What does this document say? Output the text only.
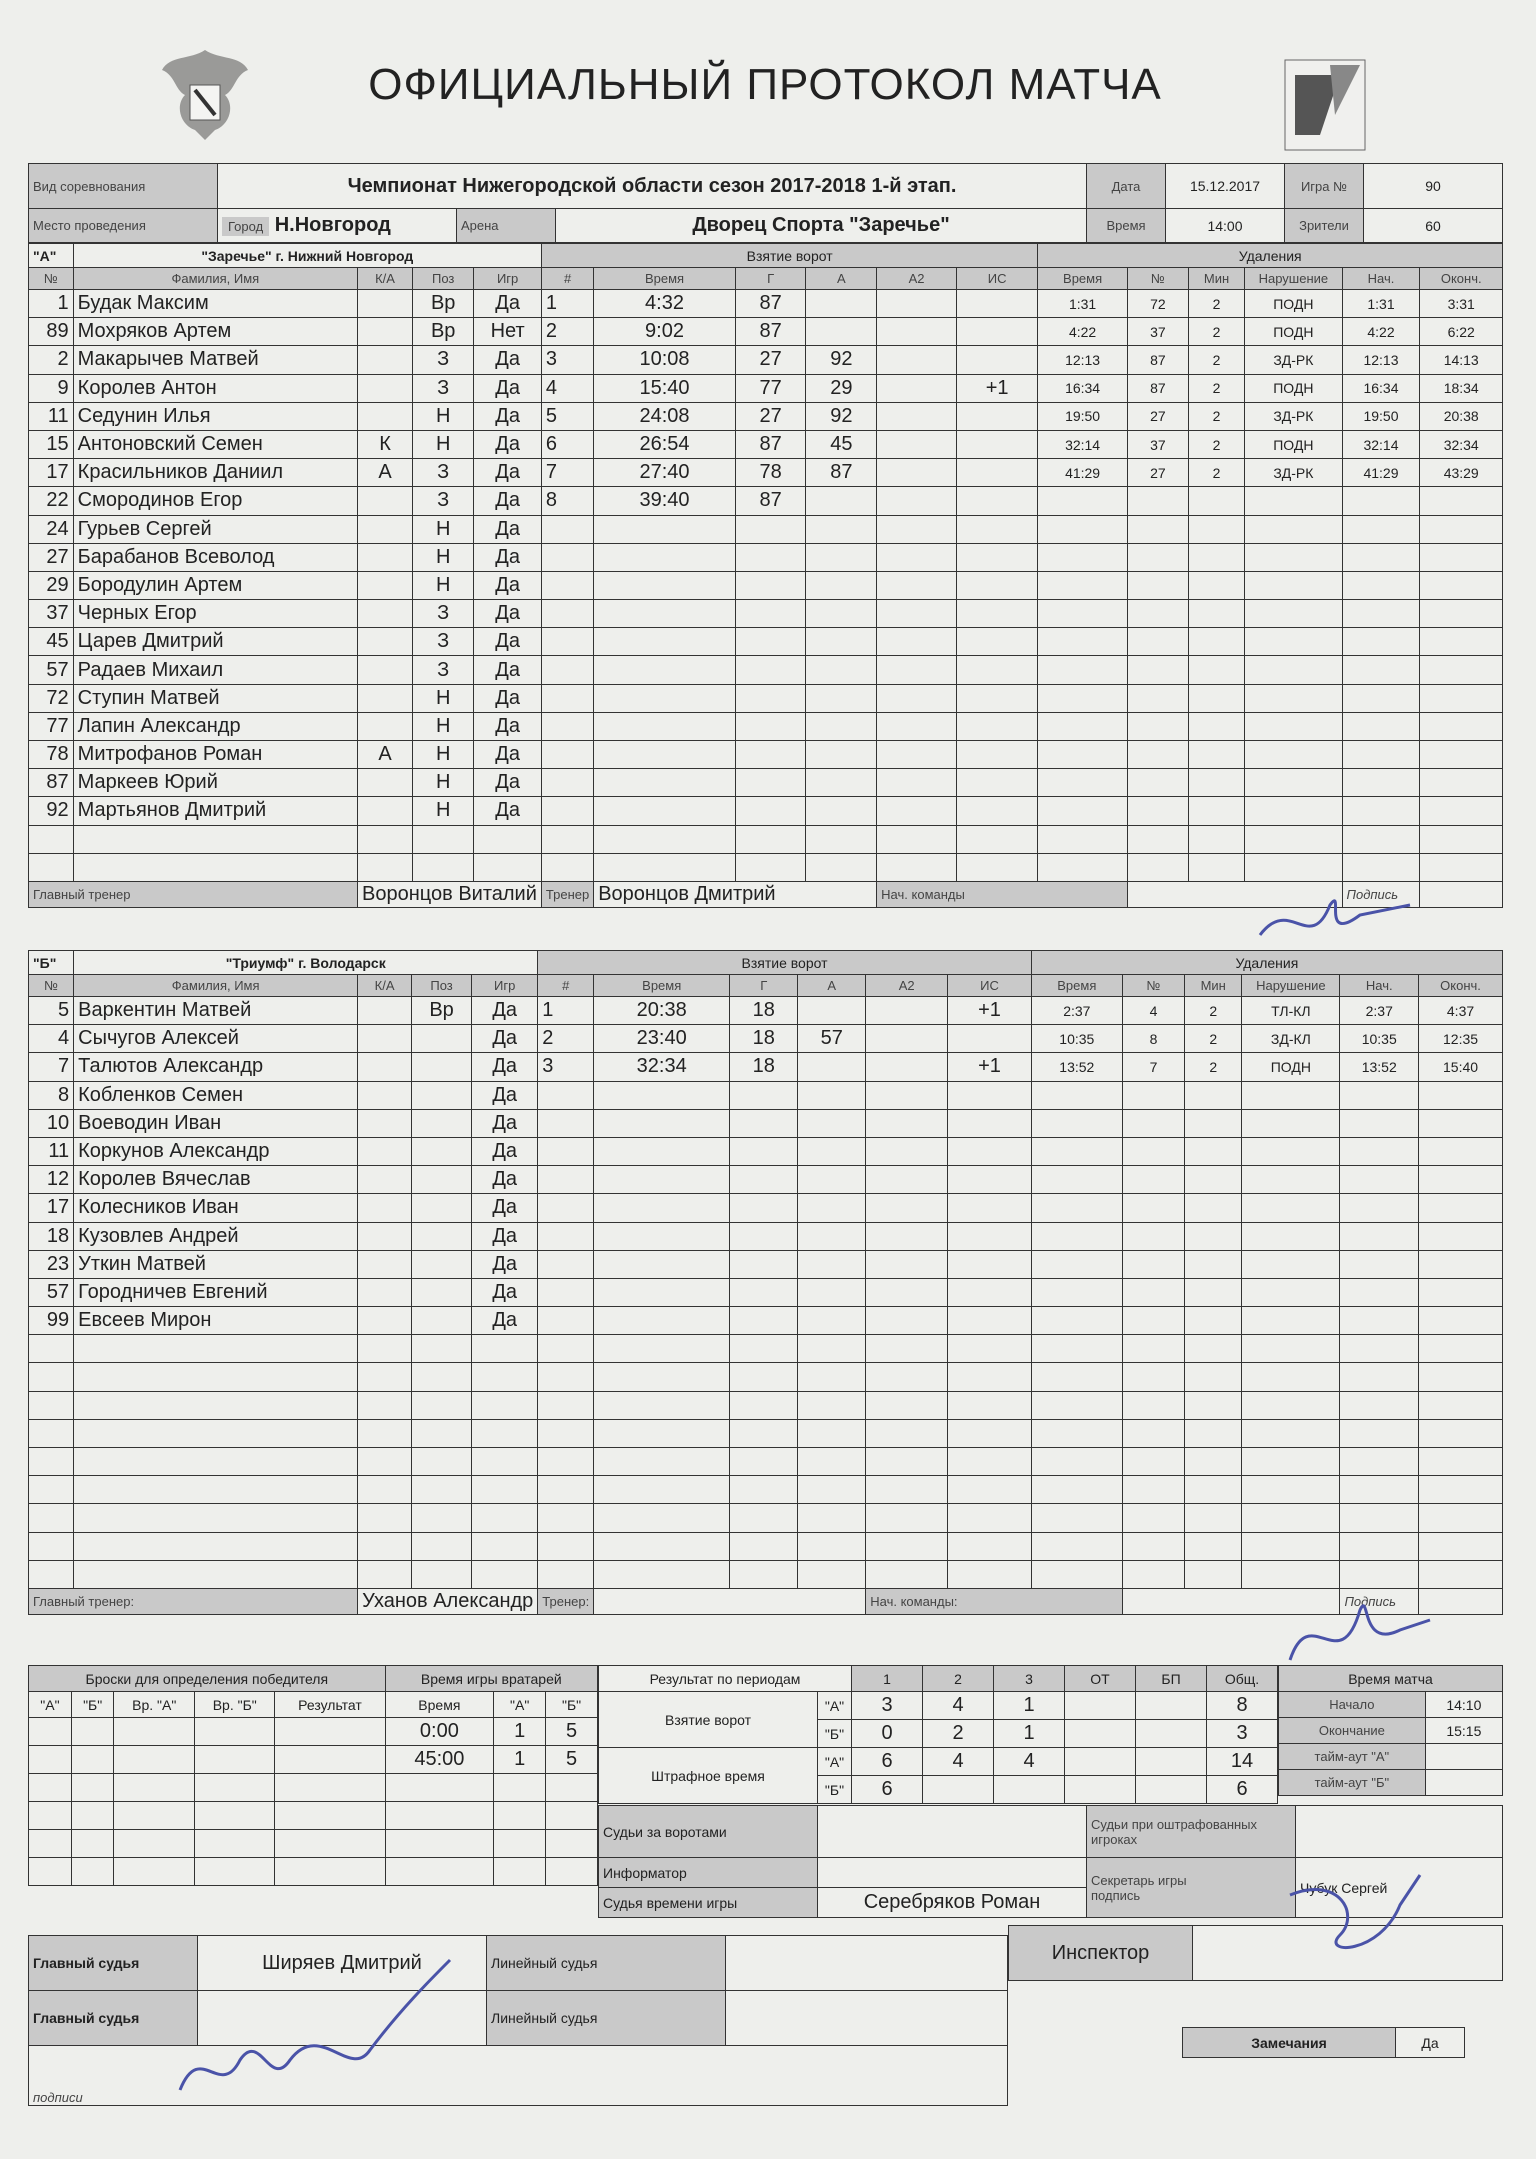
ОФИЦИАЛЬНЫЙ ПРОТОКОЛ МАТЧА
Вид соревнования	Чемпионат Нижегородской области сезон 2017-2018 1-й этап.			Дата	15.12.2017	Игра №	90
Место проведения	Город Н.Новгород	Арена	Дворец Спорта "Заречье"	Время	14:00	Зрители	60
"А"	"Заречье" г. Нижний Новгород				Взятие ворот						Удаления					
№	Фамилия, Имя	К/А	Поз	Игр	#	Время	Г	А	А2	ИС	Время	№	Мин	Нарушение	Нач.	Оконч.
1	Будак Максим		Вр	Да	1	4:32	87				1:31	72	2	ПОДН	1:31	3:31
89	Мохряков Артем		Вр	Нет	2	9:02	87				4:22	37	2	ПОДН	4:22	6:22
2	Макарычев Матвей		З	Да	3	10:08	27	92			12:13	87	2	ЗД-РК	12:13	14:13
9	Королев Антон		З	Да	4	15:40	77	29		+1	16:34	87	2	ПОДН	16:34	18:34
11	Седунин Илья		Н	Да	5	24:08	27	92			19:50	27	2	ЗД-РК	19:50	20:38
15	Антоновский Семен	К	Н	Да	6	26:54	87	45			32:14	37	2	ПОДН	32:14	32:34
17	Красильников Даниил	А	З	Да	7	27:40	78	87			41:29	27	2	ЗД-РК	41:29	43:29
22	Смородинов Егор		З	Да	8	39:40	87									
24	Гурьев Сергей		Н	Да												
27	Барабанов Всеволод		Н	Да												
29	Бородулин Артем		Н	Да												
37	Черных Егор		З	Да												
45	Царев Дмитрий		З	Да												
57	Радаев Михаил		З	Да												
72	Ступин Матвей		Н	Да												
77	Лапин Александр		Н	Да												
78	Митрофанов Роман	А	Н	Да												
87	Маркеев Юрий		Н	Да												
92	Мартьянов Дмитрий		Н	Да												

Главный тренер		Воронцов Виталий			Тренер	Воронцов Дмитрий			Нач. команды						Подпись	
"Б"	"Триумф" г. Володарск				Взятие ворот						Удаления					
№	Фамилия, Имя	К/А	Поз	Игр	#	Время	Г	А	А2	ИС	Время	№	Мин	Нарушение	Нач.	Оконч.
5	Варкентин Матвей		Вр	Да	1	20:38	18			+1	2:37	4	2	ТЛ-КЛ	2:37	4:37
4	Сычугов Алексей			Да	2	23:40	18	57			10:35	8	2	ЗД-КЛ	10:35	12:35
7	Талютов Александр			Да	3	32:34	18			+1	13:52	7	2	ПОДН	13:52	15:40
8	Кобленков Семен			Да												
10	Воеводин Иван			Да												
11	Коркунов Александр			Да												
12	Королев Вячеслав			Да												
17	Колесников Иван			Да												
18	Кузовлев Андрей			Да												
23	Уткин Матвей			Да												
57	Городничев Евгений			Да												
99	Евсеев Мирон			Да												

Главный тренер:		Уханов Александр			Тренер:				Нач. команды:						Подпись	
Броски для определения победителя					Время игры вратарей		
"А"	"Б"	Вр. "А"	Вр. "Б"	Результат	Время	"А"	"Б"
					0:00	1	5
					45:00	1	5

Результат по периодам		1	2	3	ОТ	БП	Общ.
Взятие ворот	"А"	3	4	1			8
	"Б"	0	2	1			3
Штрафное время	"А"	6	4	4			14
	"Б"	6					6
Время матча	
Начало	14:10
Окончание	15:15
тайм-аут "А"	
тайм-аут "Б"	
Судьи за воротами		Судьи при оштрафованных игроках	
Информатор		Секретарь игры
подпись	Чубук Сергей
Судья времени игры	Серебряков Роман		
Главный судья	Ширяев Дмитрий	Линейный судья	
Главный судья		Линейный судья	
подписи			
Инспектор	
Замечания	Да
